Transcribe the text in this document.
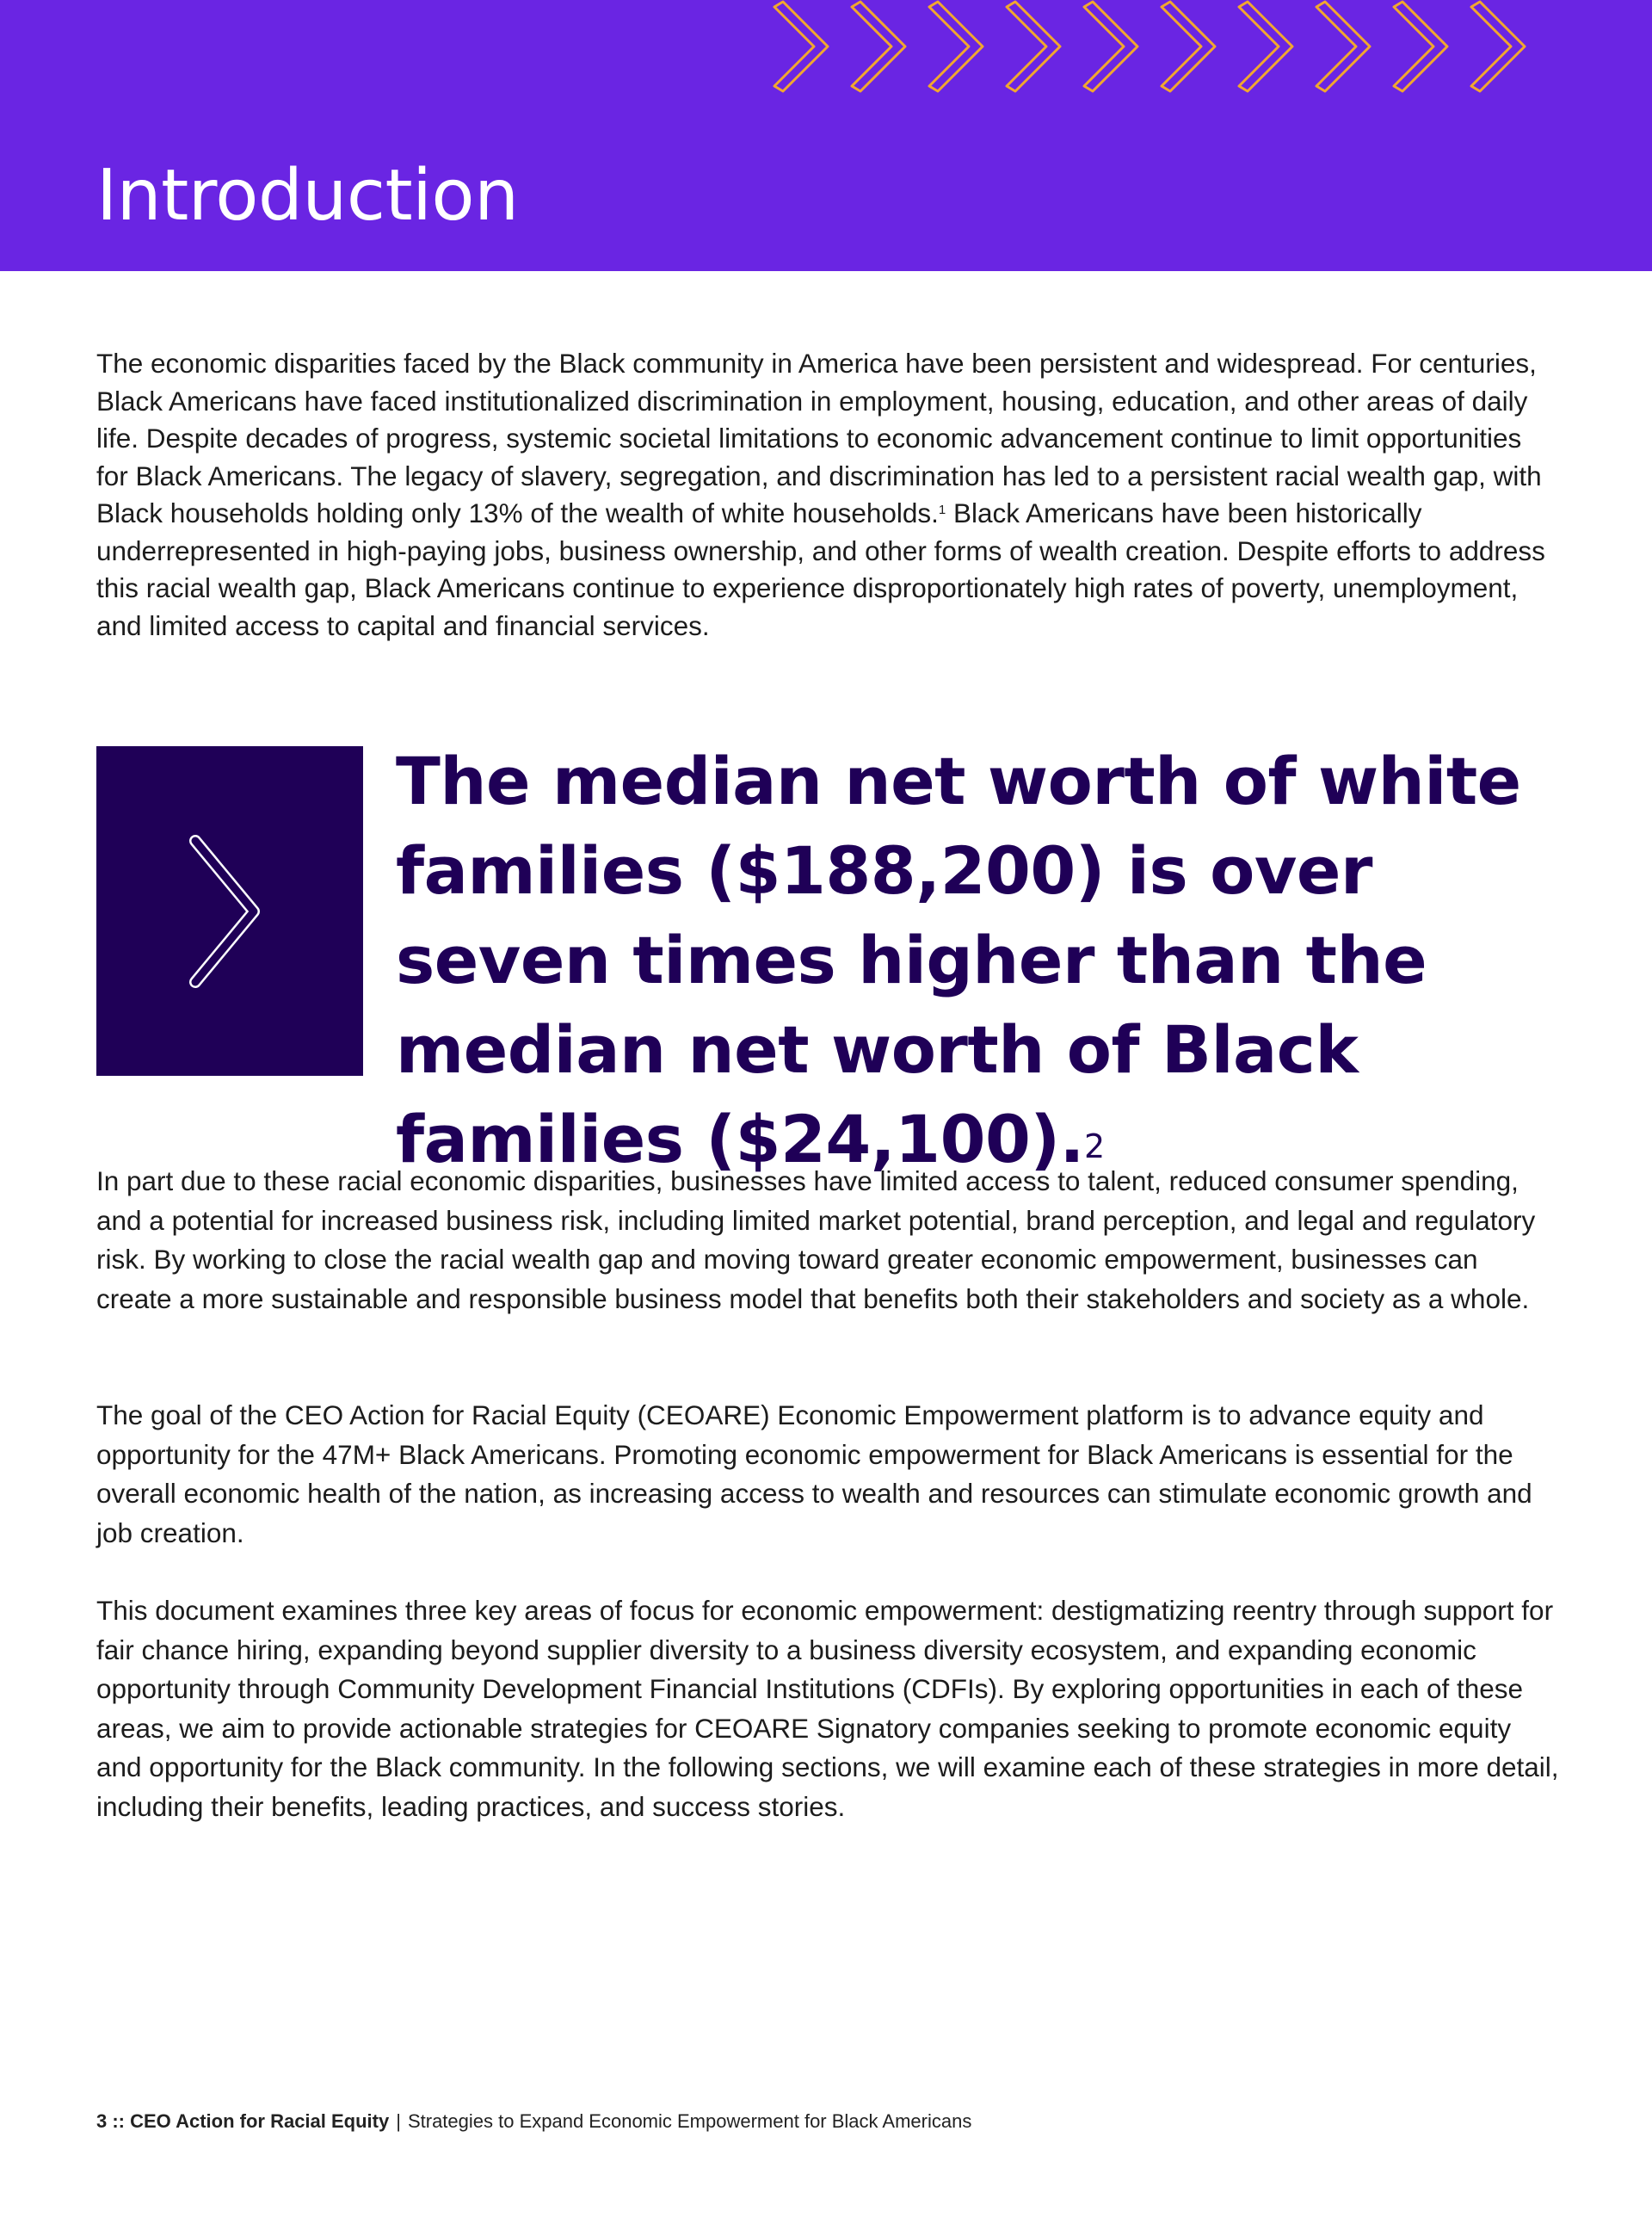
Introduction

The economic disparities faced by the Black community in America have been persistent and widespread. For centuries, Black Americans have faced institutionalized discrimination in employment, housing, education, and other areas of daily life. Despite decades of progress, systemic societal limitations to economic advancement continue to limit opportunities for Black Americans. The legacy of slavery, segregation, and discrimination has led to a persistent racial wealth gap, with Black households holding only 13% of the wealth of white households.$^1$ Black Americans have been historically underrepresented in high-paying jobs, business ownership, and other forms of wealth creation. Despite efforts to address this racial wealth gap, Black Americans continue to experience disproportionately high rates of poverty, unemployment, and limited access to capital and financial services.

The median net worth of white families ($188,200) is over seven times higher than the median net worth of Black families ($24,100).$^2$

In part due to these racial economic disparities, businesses have limited access to talent, reduced consumer spending, and a potential for increased business risk, including limited market potential, brand perception, and legal and regulatory risk. By working to close the racial wealth gap and moving toward greater economic empowerment, businesses can create a more sustainable and responsible business model that benefits both their stakeholders and society as a whole.

The goal of the CEO Action for Racial Equity (CEOARE) Economic Empowerment platform is to advance equity and opportunity for the 47M+ Black Americans. Promoting economic empowerment for Black Americans is essential for the overall economic health of the nation, as increasing access to wealth and resources can stimulate economic growth and job creation.

This document examines three key areas of focus for economic empowerment: destigmatizing reentry through support for fair chance hiring, expanding beyond supplier diversity to a business diversity ecosystem, and expanding economic opportunity through Community Development Financial Institutions (CDFIs). By exploring opportunities in each of these areas, we aim to provide actionable strategies for CEOARE Signatory companies seeking to promote economic equity and opportunity for the Black community. In the following sections, we will examine each of these strategies in more detail, including their benefits, leading practices, and success stories.

3 :: CEO Action for Racial Equity | Strategies to Expand Economic Empowerment for Black Americans
